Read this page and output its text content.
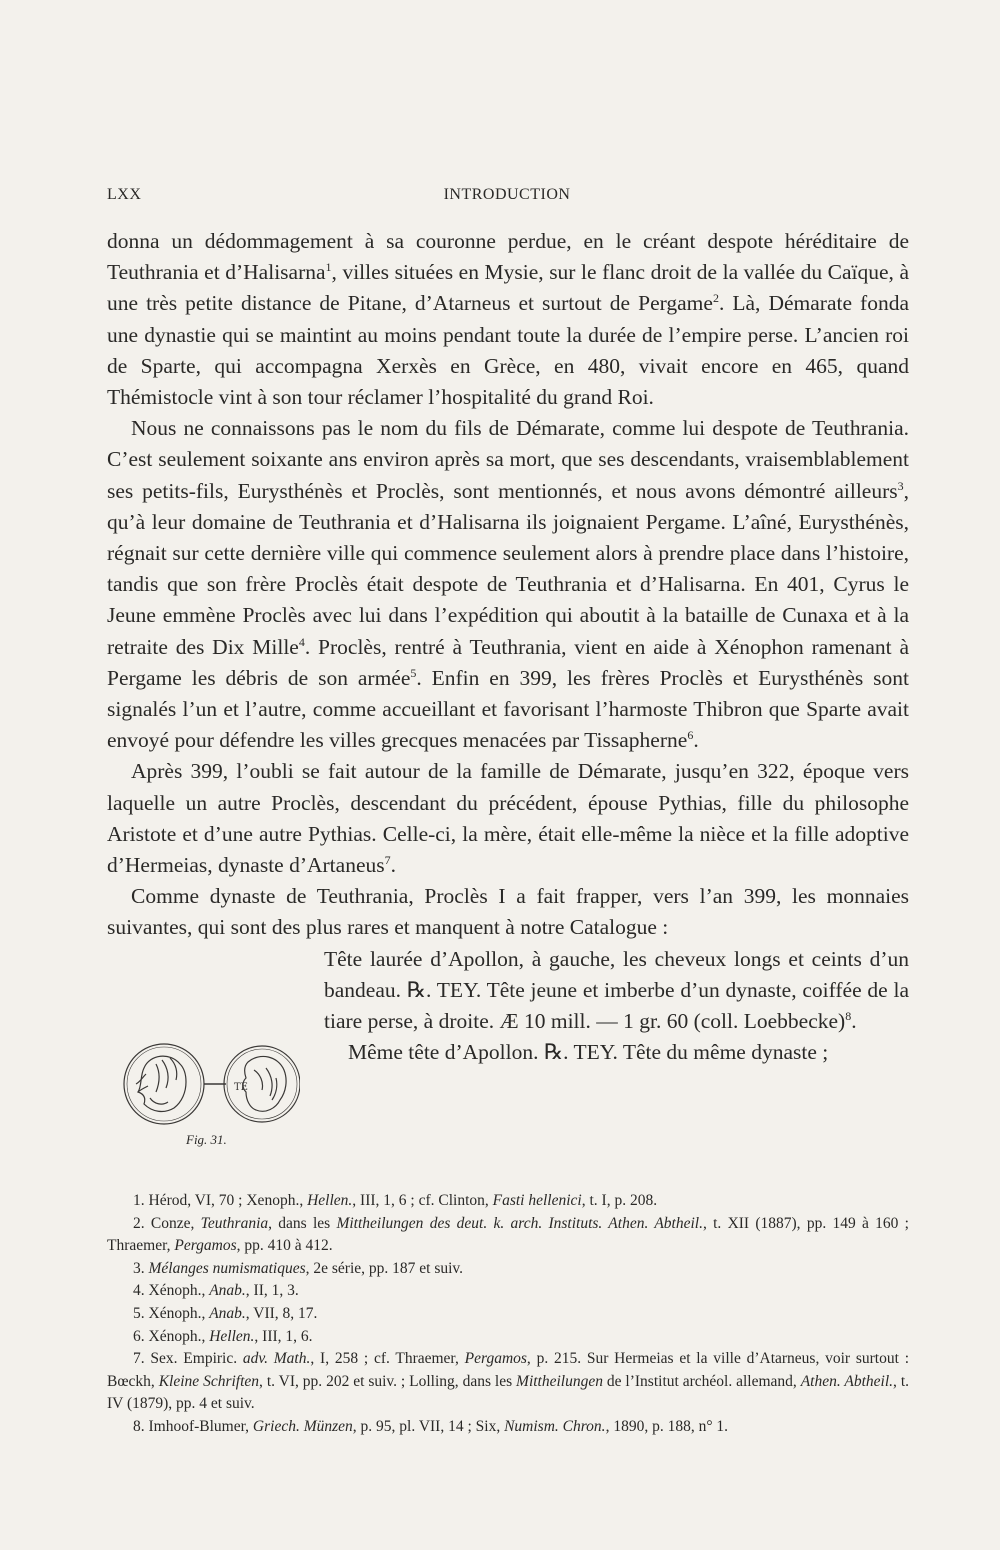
LXX	INTRODUCTION

donna un dédommagement à sa couronne perdue, en le créant despote héréditaire de Teuthrania et d’Halisarna$^1$, villes situées en Mysie, sur le flanc droit de la vallée du Caïque, à une très petite distance de Pitane, d’Atarneus et surtout de Pergame$^2$. Là, Démarate fonda une dynastie qui se maintint au moins pendant toute la durée de l’empire perse. L’ancien roi de Sparte, qui accompagna Xerxès en Grèce, en 480, vivait encore en 465, quand Thémistocle vint à son tour réclamer l’hospitalité du grand Roi.

Nous ne connaissons pas le nom du fils de Démarate, comme lui despote de Teuthrania. C’est seulement soixante ans environ après sa mort, que ses descendants, vraisemblablement ses petits-fils, Eurysthénès et Proclès, sont mentionnés, et nous avons démontré ailleurs$^3$, qu’à leur domaine de Teuthrania et d’Halisarna ils joignaient Pergame. L’aîné, Eurysthénès, régnait sur cette dernière ville qui commence seulement alors à prendre place dans l’histoire, tandis que son frère Proclès était despote de Teuthrania et d’Halisarna. En 401, Cyrus le Jeune emmène Proclès avec lui dans l’expédition qui aboutit à la bataille de Cunaxa et à la retraite des Dix Mille$^4$. Proclès, rentré à Teuthrania, vient en aide à Xénophon ramenant à Pergame les débris de son armée$^5$. Enfin en 399, les frères Proclès et Eurysthénès sont signalés l’un et l’autre, comme accueillant et favorisant l’harmoste Thibron que Sparte avait envoyé pour défendre les villes grecques menacées par Tissapherne$^6$.

Après 399, l’oubli se fait autour de la famille de Démarate, jusqu’en 322, époque vers laquelle un autre Proclès, descendant du précédent, épouse Pythias, fille du philosophe Aristote et d’une autre Pythias. Celle-ci, la mère, était elle-même la nièce et la fille adoptive d’Hermeias, dynaste d’Artaneus$^7$.

Comme dynaste de Teuthrania, Proclès I a fait frapper, vers l’an 399, les monnaies suivantes, qui sont des plus rares et manquent à notre Catalogue :

Tête laurée d’Apollon, à gauche, les cheveux longs et ceints d’un bandeau. ℞. TEY. Tête jeune et imberbe d’un dynaste, coiffée de la tiare perse, à droite. Æ 10 mill. — 1 gr. 60 (coll. Loebbecke)$^8$.

Même tête d’Apollon. ℞. TEY. Tête du même dynaste ;

TE
Fig. 31.

1. Hérod, VI, 70 ; Xenoph., Hellen., III, 1, 6 ; cf. Clinton, Fasti hellenici, t. I, p. 208.

2. Conze, Teuthrania, dans les Mittheilungen des deut. k. arch. Instituts. Athen. Abtheil., t. XII (1887), pp. 149 à 160 ; Thraemer, Pergamos, pp. 410 à 412.

3. Mélanges numismatiques, 2e série, pp. 187 et suiv.

4. Xénoph., Anab., II, 1, 3.

5. Xénoph., Anab., VII, 8, 17.

6. Xénoph., Hellen., III, 1, 6.

7. Sex. Empiric. adv. Math., I, 258 ; cf. Thraemer, Pergamos, p. 215. Sur Hermeias et la ville d’Atarneus, voir surtout : Bœckh, Kleine Schriften, t. VI, pp. 202 et suiv. ; Lolling, dans les Mittheilungen de l’Institut archéol. allemand, Athen. Abtheil., t. IV (1879), pp. 4 et suiv.

8. Imhoof-Blumer, Griech. Münzen, p. 95, pl. VII, 14 ; Six, Numism. Chron., 1890, p. 188, n° 1.
